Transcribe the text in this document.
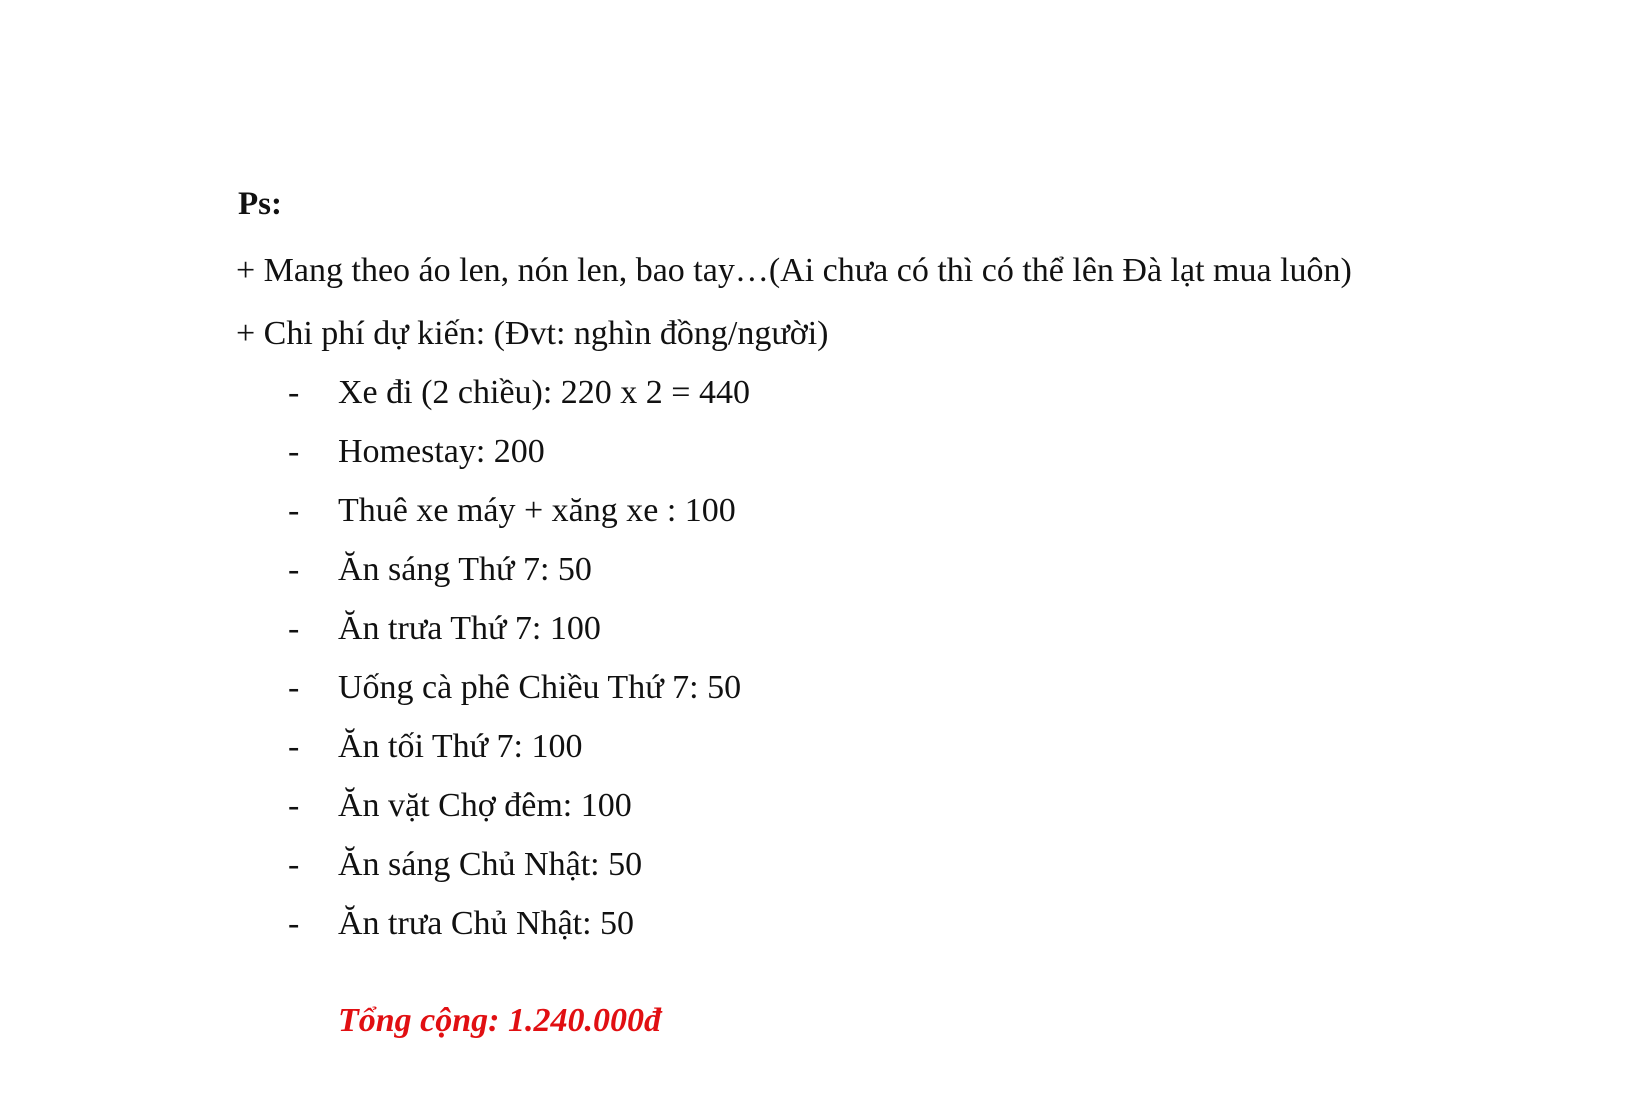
Ps:
+ Mang theo áo len, nón len, bao tay…(Ai chưa có thì có thể lên Đà lạt mua luôn)
+ Chi phí dự kiến: (Đvt: nghìn đồng/người)
- Xe đi (2 chiều): 220 x 2 = 440
- Homestay: 200
- Thuê xe máy + xăng xe : 100
- Ăn sáng Thứ 7: 50
- Ăn trưa Thứ 7: 100
- Uống cà phê Chiều Thứ 7: 50
- Ăn tối Thứ 7: 100
- Ăn vặt Chợ đêm: 100
- Ăn sáng Chủ Nhật: 50
- Ăn trưa Chủ Nhật: 50
Tổng cộng: 1.240.000đ
